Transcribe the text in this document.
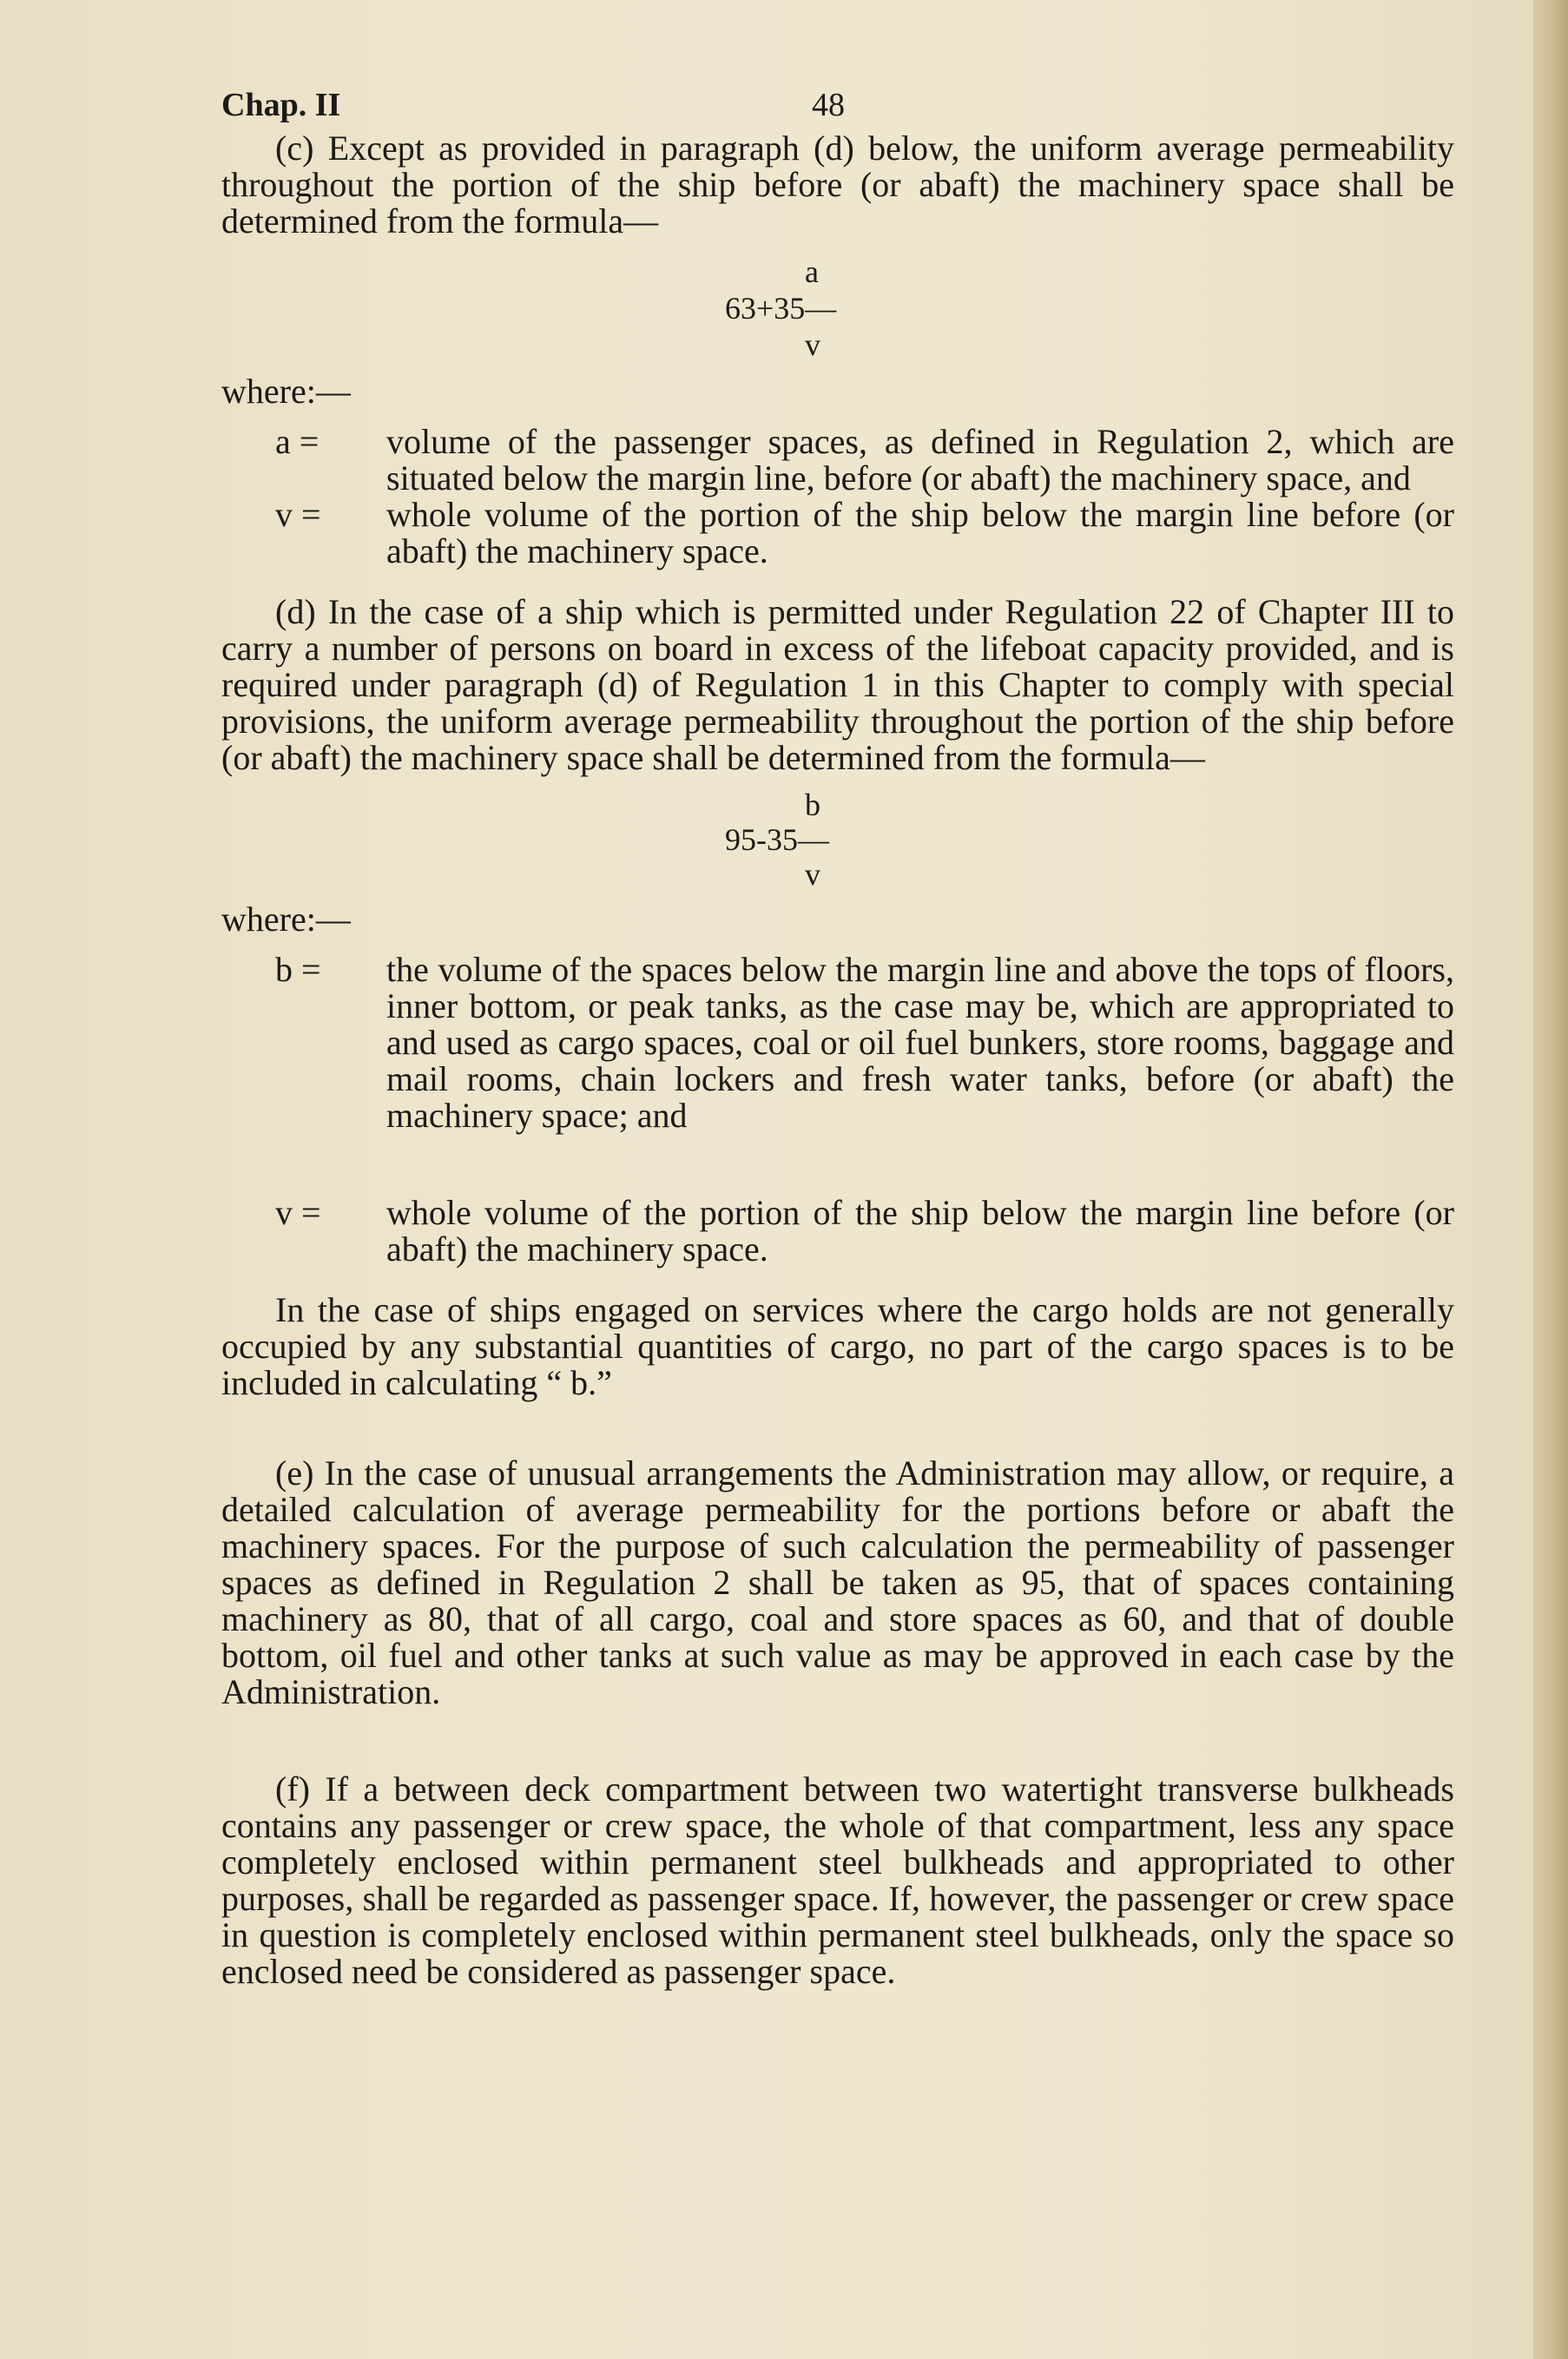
Chap. II	48

(c) Except as provided in paragraph (d) below, the uniform average permeability throughout the portion of the ship before (or abaft) the machinery space shall be determined from the formula—

a
63+35—
v

where:—

a = volume of the passenger spaces, as defined in Regulation 2, which are situated below the margin line, before (or abaft) the machinery space, and
v = whole volume of the portion of the ship below the margin line before (or abaft) the machinery space.

(d) In the case of a ship which is permitted under Regulation 22 of Chapter III to carry a number of persons on board in excess of the lifeboat capacity provided, and is required under paragraph (d) of Regulation 1 in this Chapter to comply with special provisions, the uniform average permeability throughout the portion of the ship before (or abaft) the machinery space shall be determined from the formula—

b
95-35—
v

where:—

b = the volume of the spaces below the margin line and above the tops of floors, inner bottom, or peak tanks, as the case may be, which are appropriated to and used as cargo spaces, coal or oil fuel bunkers, store rooms, baggage and mail rooms, chain lockers and fresh water tanks, before (or abaft) the machinery space; and
v = whole volume of the portion of the ship below the margin line before (or abaft) the machinery space.

In the case of ships engaged on services where the cargo holds are not generally occupied by any substantial quantities of cargo, no part of the cargo spaces is to be included in calculating “ b.”

(e) In the case of unusual arrangements the Administration may allow, or require, a detailed calculation of average permeability for the portions before or abaft the machinery spaces. For the purpose of such calculation the permeability of passenger spaces as defined in Regulation 2 shall be taken as 95, that of spaces containing machinery as 80, that of all cargo, coal and store spaces as 60, and that of double bottom, oil fuel and other tanks at such value as may be approved in each case by the Administration.

(f) If a between deck compartment between two watertight transverse bulkheads contains any passenger or crew space, the whole of that compartment, less any space completely enclosed within permanent steel bulkheads and appropriated to other purposes, shall be regarded as passenger space. If, however, the passenger or crew space in question is completely enclosed within permanent steel bulkheads, only the space so enclosed need be considered as passenger space.
